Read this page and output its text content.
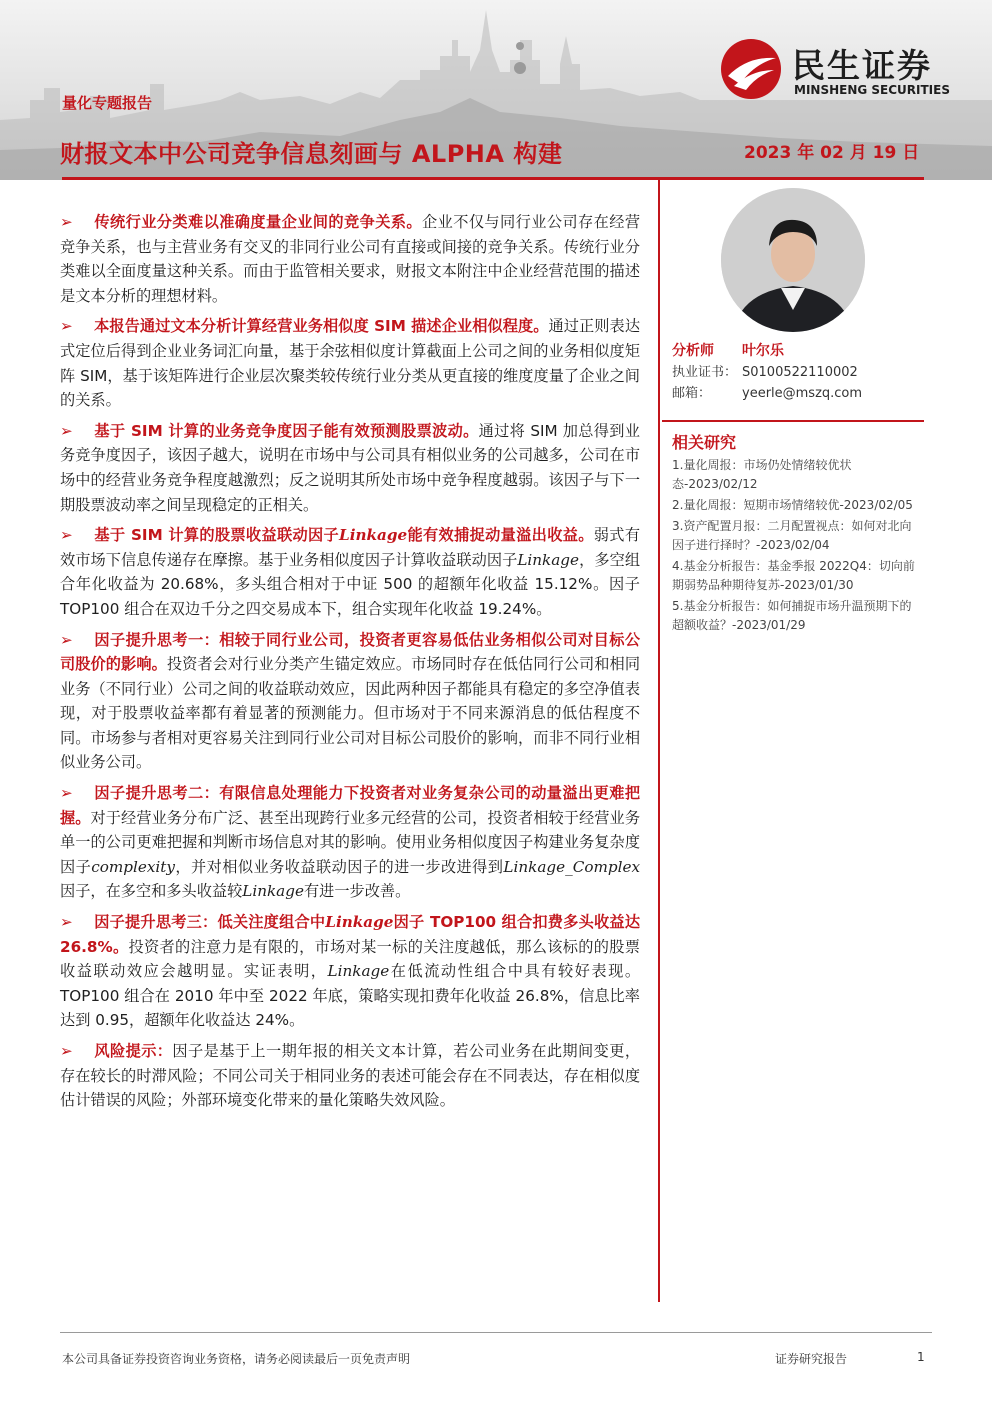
量化专题报告
财报文本中公司竞争信息刻画与 ALPHA 构建	2023 年 02 月 19 日
民生证券
MINSHENG SECURITIES

➢ 传统行业分类难以准确度量企业间的竞争关系。企业不仅与同行业公司存在经营竞争关系，也与主营业务有交叉的非同行业公司有直接或间接的竞争关系。传统行业分类难以全面度量这种关系。而由于监管相关要求，财报文本附注中企业经营范围的描述是文本分析的理想材料。

➢ 本报告通过文本分析计算经营业务相似度 SIM 描述企业相似程度。通过正则表达式定位后得到企业业务词汇向量，基于余弦相似度计算截面上公司之间的业务相似度矩阵 SIM，基于该矩阵进行企业层次聚类较传统行业分类从更直接的维度度量了企业之间的关系。

➢ 基于 SIM 计算的业务竞争度因子能有效预测股票波动。通过将 SIM 加总得到业务竞争度因子，该因子越大，说明在市场中与公司具有相似业务的公司越多，公司在市场中的经营业务竞争程度越激烈；反之说明其所处市场中竞争程度越弱。该因子与下一期股票波动率之间呈现稳定的正相关。

➢ 基于 SIM 计算的股票收益联动因子Linkage能有效捕捉动量溢出收益。弱式有效市场下信息传递存在摩擦。基于业务相似度因子计算收益联动因子Linkage，多空组合年化收益为 20.68%，多头组合相对于中证 500 的超额年化收益 15.12%。因子 TOP100 组合在双边千分之四交易成本下，组合实现年化收益 19.24%。

➢ 因子提升思考一：相较于同行业公司，投资者更容易低估业务相似公司对目标公司股价的影响。投资者会对行业分类产生锚定效应。市场同时存在低估同行公司和相同业务（不同行业）公司之间的收益联动效应，因此两种因子都能具有稳定的多空净值表现，对于股票收益率都有着显著的预测能力。但市场对于不同来源消息的低估程度不同。市场参与者相对更容易关注到同行业公司对目标公司股价的影响，而非不同行业相似业务公司。

➢ 因子提升思考二：有限信息处理能力下投资者对业务复杂公司的动量溢出更难把握。对于经营业务分布广泛、甚至出现跨行业多元经营的公司，投资者相较于经营业务单一的公司更难把握和判断市场信息对其的影响。使用业务相似度因子构建业务复杂度因子complexity，并对相似业务收益联动因子的进一步改进得到Linkage_Complex因子，在多空和多头收益较Linkage有进一步改善。

➢ 因子提升思考三：低关注度组合中Linkage因子 TOP100 组合扣费多头收益达 26.8%。投资者的注意力是有限的，市场对某一标的关注度越低，那么该标的的股票收益联动效应会越明显。实证表明，Linkage在低流动性组合中具有较好表现。TOP100 组合在 2010 年中至 2022 年底，策略实现扣费年化收益 26.8%，信息比率达到 0.95，超额年化收益达 24%。

➢ 风险提示：因子是基于上一期年报的相关文本计算，若公司业务在此期间变更，存在较长的时滞风险；不同公司关于相同业务的表述可能会存在不同表达，存在相似度估计错误的风险；外部环境变化带来的量化策略失效风险。

分析师 叶尔乐
执业证书： S0100522110002
邮箱： yeerle@mszq.com
相关研究
1.量化周报：市场仍处情绪较优状态-2023/02/12
2.量化周报：短期市场情绪较优-2023/02/05
3.资产配置月报：二月配置视点：如何对北向因子进行择时？-2023/02/04
4.基金分析报告：基金季报 2022Q4：切向前期弱势品种期待复苏-2023/01/30
5.基金分析报告：如何捕捉市场升温预期下的超额收益？-2023/01/29
本公司具备证券投资咨询业务资格，请务必阅读最后一页免责声明	证券研究报告	1
